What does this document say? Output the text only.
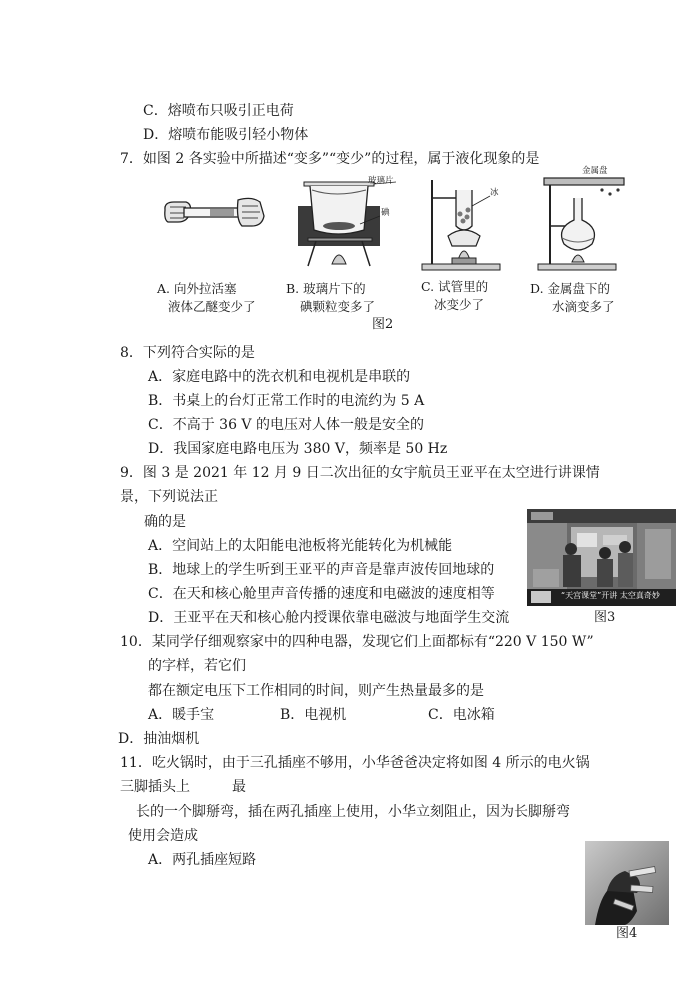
C．熔喷布只吸引正电荷
D．熔喷布能吸引轻小物体
7．如图 2 各实验中所描述“变多”“变少”的过程，属于液化现象的是
玻璃片
碘
冰
金属盘
A. 向外拉活塞
液体乙醚变少了
B. 玻璃片下的
碘颗粒变多了
C. 试管里的
冰变少了
D. 金属盘下的
水滴变多了
图2
8．下列符合实际的是
A．家庭电路中的洗衣机和电视机是串联的
B．书桌上的台灯正常工作时的电流约为 5 A
C．不高于 36 V 的电压对人体一般是安全的
D．我国家庭电路电压为 380 V，频率是 50 Hz
9．图 3 是 2021 年 12 月 9 日二次出征的女宇航员王亚平在太空进行讲课情
景，下列说法正
确的是
A．空间站上的太阳能电池板将光能转化为机械能
B．地球上的学生听到王亚平的声音是靠声波传回地球的
C．在天和核心舱里声音传播的速度和电磁波的速度相等
D．王亚平在天和核心舱内授课依靠电磁波与地面学生交流
“天宫课堂”开讲 太空真奇妙
图3
10．某同学仔细观察家中的四种电器，发现它们上面都标有“220 V 150 W”
的字样，若它们
都在额定电压下工作相同的时间，则产生热量最多的是
A．暖手宝	B．电视机	C．电冰箱
D．抽油烟机
11．吃火锅时，由于三孔插座不够用，小华爸爸决定将如图 4 所示的电火锅
三脚插头上	最
长的一个脚掰弯，插在两孔插座上使用，小华立刻阻止，因为长脚掰弯
使用会造成
A．两孔插座短路
图4
